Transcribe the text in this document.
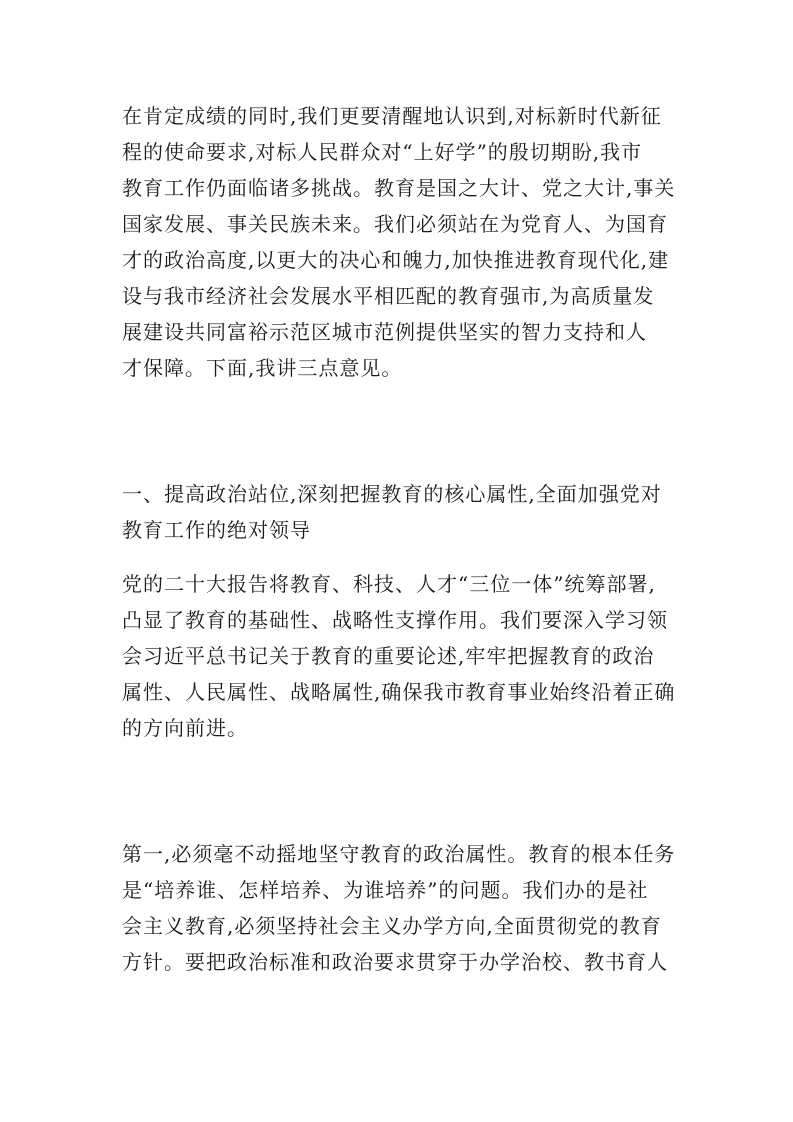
在肯定成绩的同时,我们更要清醒地认识到,对标新时代新征
程的使命要求,对标人民群众对“上好学”的殷切期盼,我市
教育工作仍面临诸多挑战。教育是国之大计、党之大计,事关
国家发展、事关民族未来。我们必须站在为党育人、为国育
才的政治高度,以更大的决心和魄力,加快推进教育现代化,建
设与我市经济社会发展水平相匹配的教育强市,为高质量发
展建设共同富裕示范区城市范例提供坚实的智力支持和人
才保障。下面,我讲三点意见。
一、提高政治站位,深刻把握教育的核心属性,全面加强党对
教育工作的绝对领导
党的二十大报告将教育、科技、人才“三位一体”统筹部署,
凸显了教育的基础性、战略性支撑作用。我们要深入学习领
会习近平总书记关于教育的重要论述,牢牢把握教育的政治
属性、人民属性、战略属性,确保我市教育事业始终沿着正确
的方向前进。
第一,必须毫不动摇地坚守教育的政治属性。教育的根本任务
是“培养谁、怎样培养、为谁培养”的问题。我们办的是社
会主义教育,必须坚持社会主义办学方向,全面贯彻党的教育
方针。要把政治标准和政治要求贯穿于办学治校、教书育人
